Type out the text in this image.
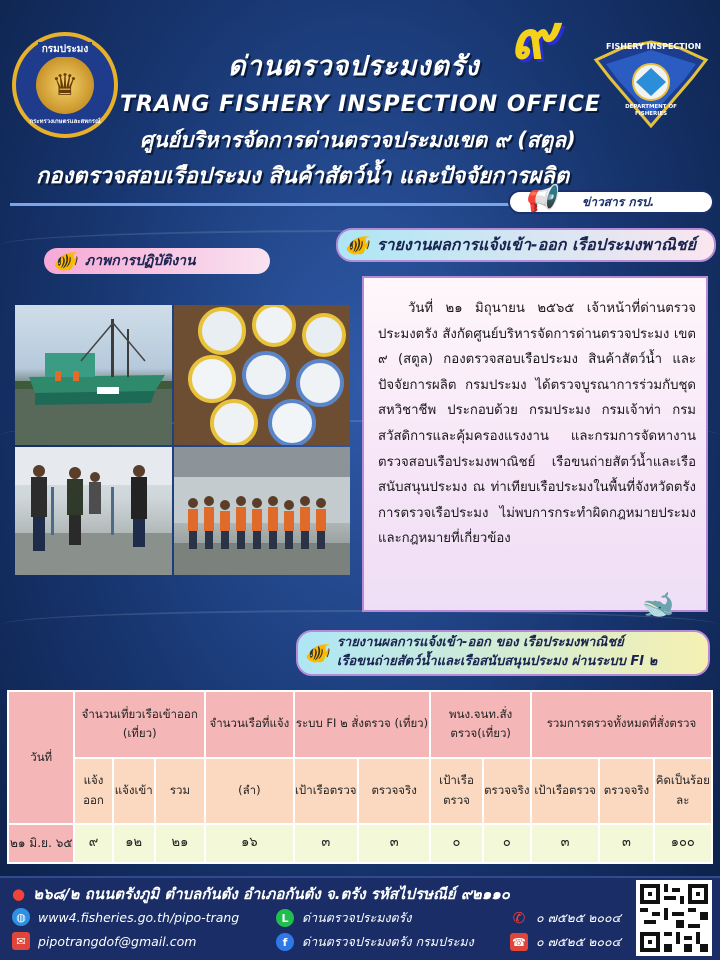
กรมประมง
♛
กระทรวงเกษตรและสหกรณ์
ด่านตรวจประมงตรัง ๙	FISHERY INSPECTION
DEPARTMENT OF FISHERIES
TRANG FISHERY INSPECTION OFFICE
ศูนย์บริหารจัดการด่านตรวจประมงเขต ๙ (สตูล)
กองตรวจสอบเรือประมง สินค้าสัตว์น้ำ และปัจจัยการผลิต
📢 ข่าวสาร กรป.
🐠 รายงานผลการแจ้งเข้า-ออก เรือประมงพาณิชย์
🐠 ภาพการปฏิบัติงาน

วันที่ ๒๑ มิถุนายน ๒๕๖๕ เจ้าหน้าที่ด่านตรวจประมงตรัง สังกัดศูนย์บริหารจัดการด่านตรวจประมง เขต ๙ (สตูล) กองตรวจสอบเรือประมง สินค้าสัตว์น้ำ และปัจจัยการผลิต กรมประมง ได้ตรวจบูรณาการร่วมกับชุดสหวิชาชีพ ประกอบด้วย กรมประมง กรมเจ้าท่า กรมสวัสดิการและคุ้มครองแรงงาน และกรมการจัดหางาน ตรวจสอบเรือประมงพาณิชย์ เรือขนถ่ายสัตว์น้ำและเรือสนับสนุนประมง ณ ท่าเทียบเรือประมงในพื้นที่จังหวัดตรัง การตรวจเรือประมง ไม่พบการกระทำผิดกฎหมายประมงและกฎหมายที่เกี่ยวข้อง

🐋
🐠 รายงานผลการแจ้งเข้า-ออก ของ เรือประมงพาณิชย์
เรือขนถ่ายสัตว์น้ำและเรือสนับสนุนประมง ผ่านระบบ FI ๒
วันที่	จำนวนเที่ยวเรือเข้าออก (เที่ยว)			จำนวนเรือที่แจ้ง	ระบบ FI ๒ สั่งตรวจ (เที่ยว)		พนง.จนท.สั่งตรวจ(เที่ยว)		รวมการตรวจทั้งหมดที่สั่งตรวจ		
	แจ้งออก	แจ้งเข้า	รวม	(ลำ)	เป้าเรือตรวจ	ตรวจจริง	เป้าเรือตรวจ	ตรวจจริง	เป้าเรือตรวจ	ตรวจจริง	คิดเป็นร้อยละ
๒๑ มิ.ย. ๖๕	๙	๑๒	๒๑	๑๖	๓	๓	๐	๐	๓	๓	๑๐๐
● ๒๖๘/๒ ถนนตรังภูมิ ตำบลกันตัง อำเภอกันตัง จ.ตรัง รหัสไปรษณีย์ ๙๒๑๑๐
◍ www4.fisheries.go.th/pipo-trang
✉ pipotrangdof@gmail.com
L	ด่านตรวจประมงตรัง
f	ด่านตรวจประมงตรัง กรมประมง
✆ ๐ ๗๕๒๕ ๒๐๐๔
☎ ๐ ๗๕๒๕ ๒๐๐๔
